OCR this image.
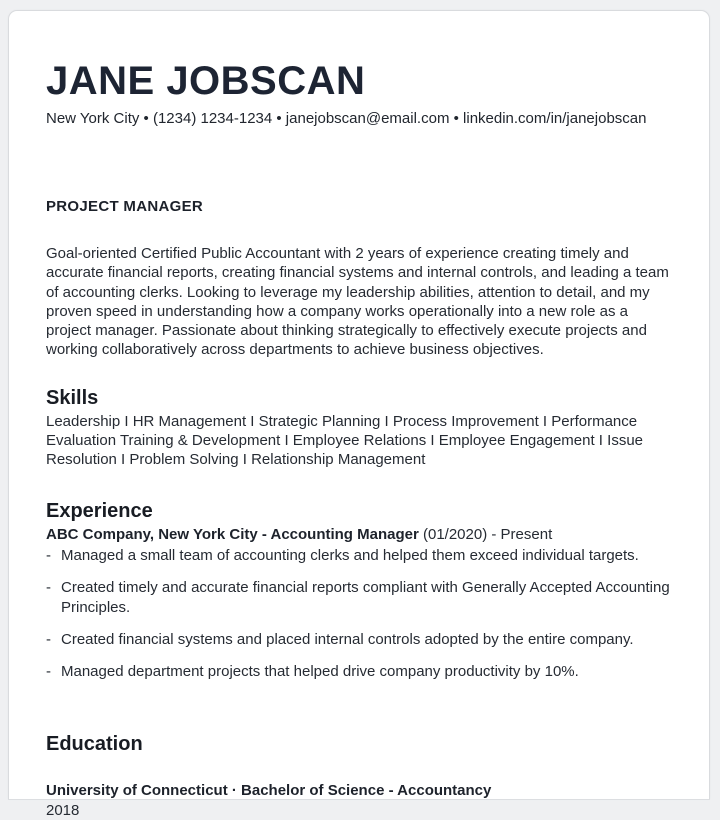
JANE JOBSCAN
New York City • (1234) 1234-1234 • janejobscan@email.com • linkedin.com/in/janejobscan
PROJECT MANAGER

Goal-oriented Certified Public Accountant with 2 years of experience creating timely and accurate financial reports, creating financial systems and internal controls, and leading a team of accounting clerks. Looking to leverage my leadership abilities, attention to detail, and my proven speed in understanding how a company works operationally into a new role as a project manager. Passionate about thinking strategically to effectively execute projects and working collaboratively across departments to achieve business objectives.

Skills

Leadership I HR Management I Strategic Planning I Process Improvement I Performance Evaluation Training & Development I Employee Relations I Employee Engagement I Issue Resolution I Problem Solving I Relationship Management

Experience
ABC Company, New York City - Accounting Manager (01/2020) - Present
- Managed a small team of accounting clerks and helped them exceed individual targets.
- Created timely and accurate financial reports compliant with Generally Accepted Accounting Principles.
- Created financial systems and placed internal controls adopted by the entire company.
- Managed department projects that helped drive company productivity by 10%.
Education
University of Connecticut · Bachelor of Science - Accountancy
2018
